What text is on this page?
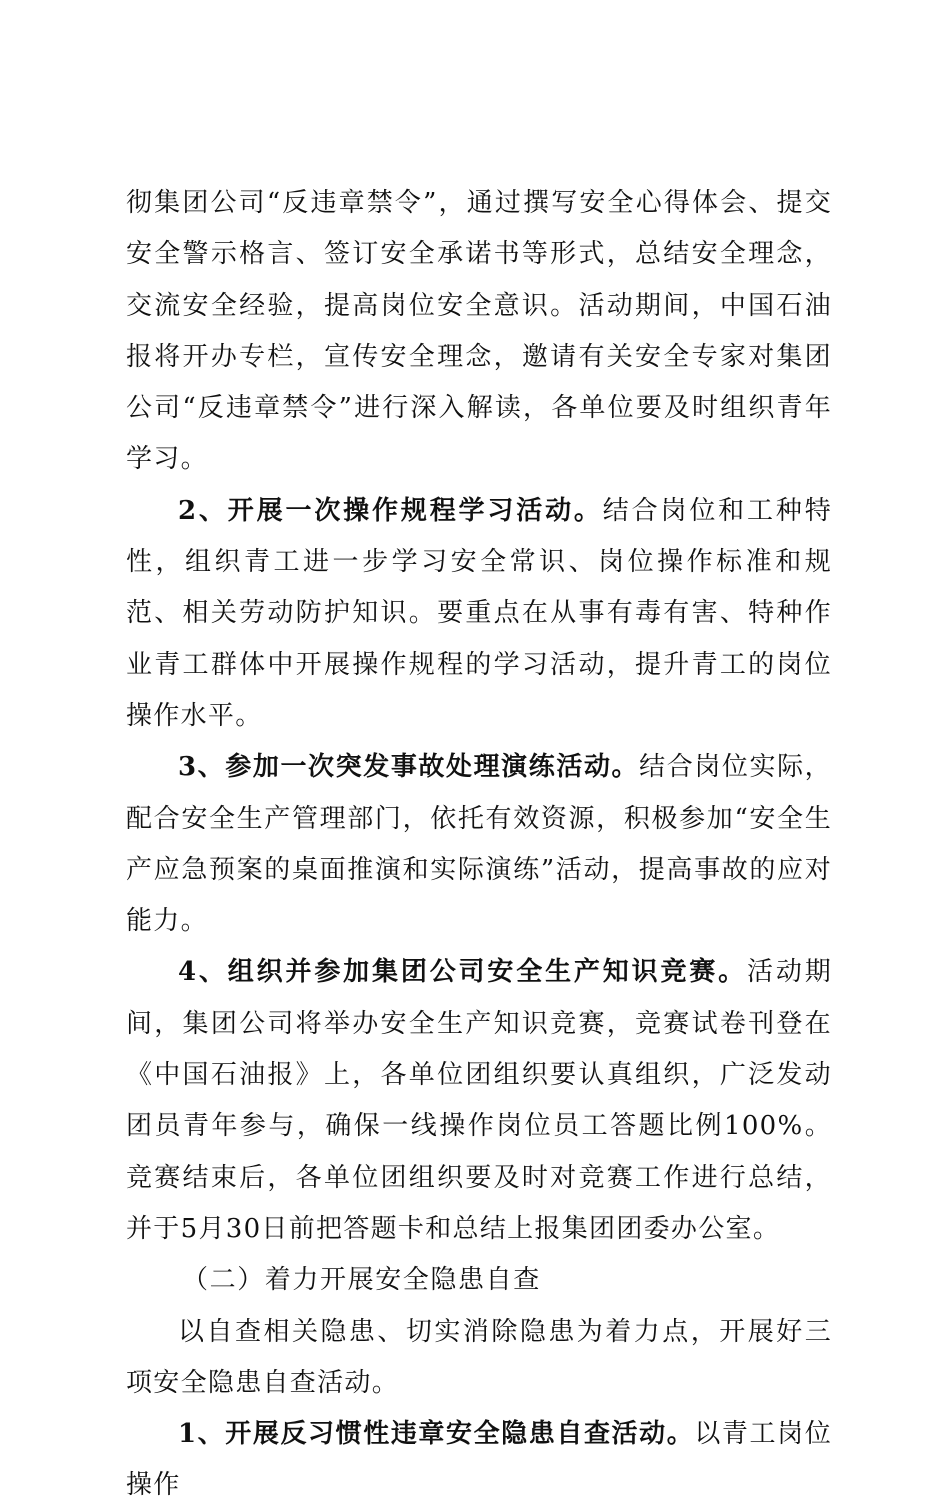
彻集团公司“反违章禁令”，通过撰写安全心得体会、提交安全警示格言、签订安全承诺书等形式，总结安全理念，交流安全经验，提高岗位安全意识。活动期间，中国石油报将开办专栏，宣传安全理念，邀请有关安全专家对集团公司“反违章禁令”进行深入解读，各单位要及时组织青年学习。

2、开展一次操作规程学习活动。结合岗位和工种特性，组织青工进一步学习安全常识、岗位操作标准和规范、相关劳动防护知识。要重点在从事有毒有害、特种作业青工群体中开展操作规程的学习活动，提升青工的岗位操作水平。

3、参加一次突发事故处理演练活动。结合岗位实际，配合安全生产管理部门，依托有效资源，积极参加“安全生产应急预案的桌面推演和实际演练”活动，提高事故的应对能力。

4、组织并参加集团公司安全生产知识竞赛。活动期间，集团公司将举办安全生产知识竞赛，竞赛试卷刊登在《中国石油报》上，各单位团组织要认真组织，广泛发动团员青年参与，确保一线操作岗位员工答题比例100%。竞赛结束后，各单位团组织要及时对竞赛工作进行总结，并于5月30日前把答题卡和总结上报集团团委办公室。

（二）着力开展安全隐患自查

以自查相关隐患、切实消除隐患为着力点，开展好三项安全隐患自查活动。

1、开展反习惯性违章安全隐患自查活动。以青工岗位操作
